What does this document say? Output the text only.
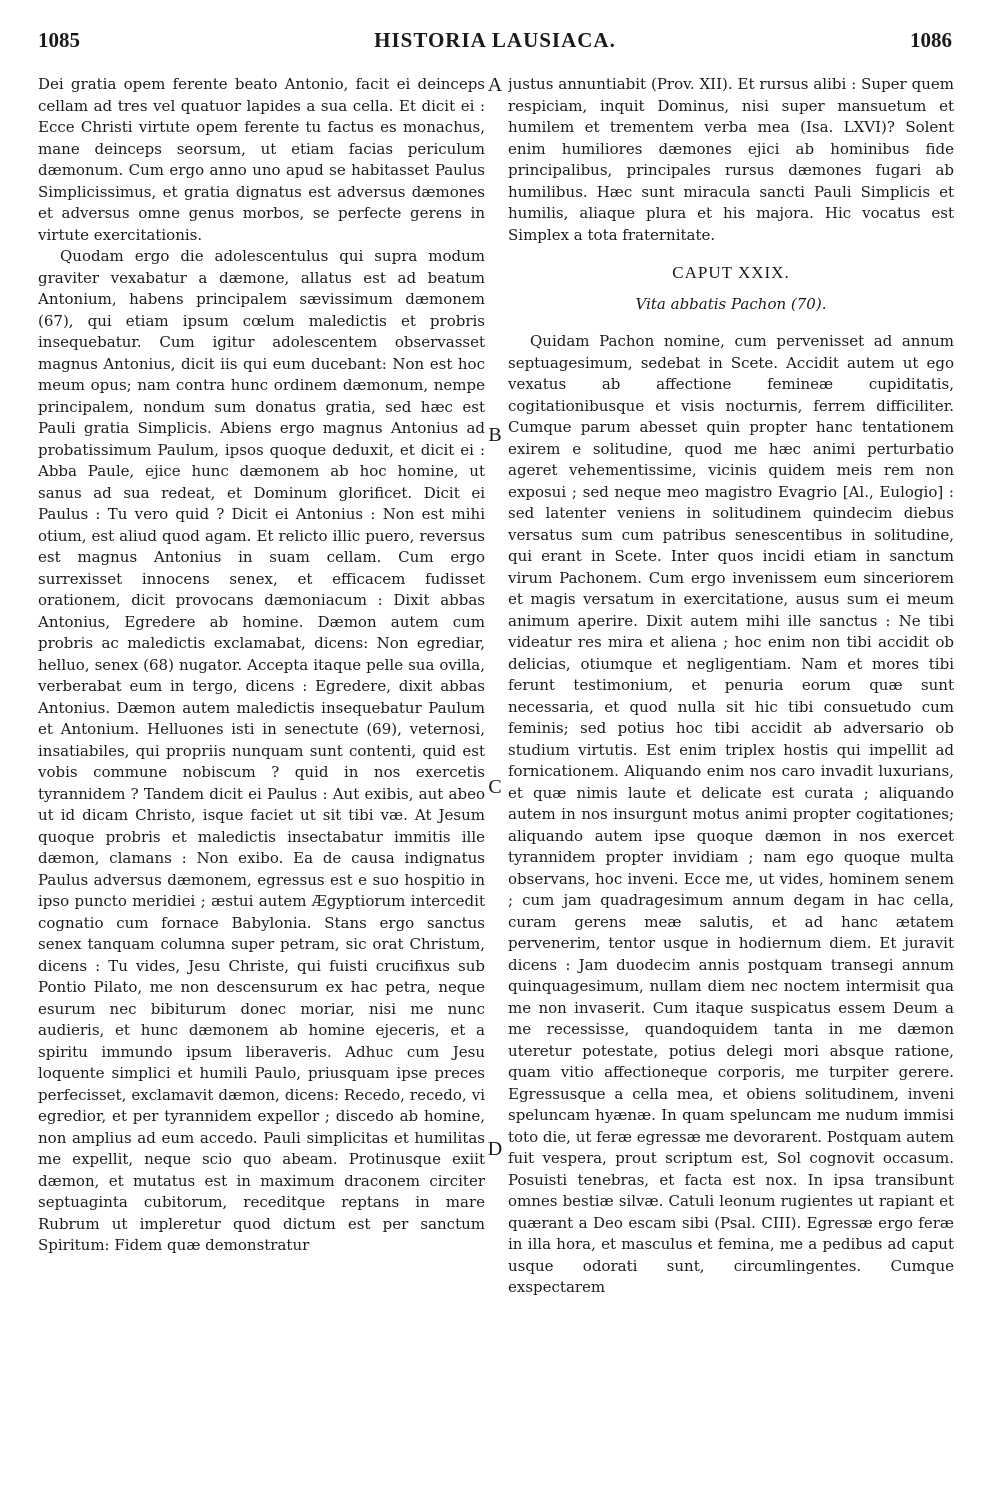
1085	HISTORIA LAUSIACA.	1086

Dei gratia opem ferente beato Antonio, facit ei deinceps cellam ad tres vel quatuor lapides a sua cella. Et dicit ei : Ecce Christi virtute opem ferente tu factus es monachus, mane deinceps seorsum, ut etiam facias periculum dæmonum. Cum ergo anno uno apud se habitasset Paulus Simplicissimus, et gratia dignatus est adversus dæmones et adversus omne genus morbos, se perfecte gerens in virtute exercitationis.

Quodam ergo die adolescentulus qui supra modum graviter vexabatur a dæmone, allatus est ad beatum Antonium, habens principalem sævissimum dæmonem (67), qui etiam ipsum cœlum maledictis et probris insequebatur. Cum igitur adolescentem observasset magnus Antonius, dicit iis qui eum ducebant: Non est hoc meum opus; nam contra hunc ordinem dæmonum, nempe principalem, nondum sum donatus gratia, sed hæc est Pauli gratia Simplicis. Abiens ergo magnus Antonius ad probatissimum Paulum, ipsos quoque deduxit, et dicit ei : Abba Paule, ejice hunc dæmonem ab hoc homine, ut sanus ad sua redeat, et Dominum glorificet. Dicit ei Paulus : Tu vero quid ? Dicit ei Antonius : Non est mihi otium, est aliud quod agam. Et relicto illic puero, reversus est magnus Antonius in suam cellam. Cum ergo surrexisset innocens senex, et efficacem fudisset orationem, dicit provocans dæmoniacum : Dixit abbas Antonius, Egredere ab homine. Dæmon autem cum probris ac maledictis exclamabat, dicens: Non egrediar, helluo, senex (68) nugator. Accepta itaque pelle sua ovilla, verberabat eum in tergo, dicens : Egredere, dixit abbas Antonius. Dæmon autem maledictis insequebatur Paulum et Antonium. Helluones isti in senectute (69), veternosi, insatiabiles, qui propriis nunquam sunt contenti, quid est vobis commune nobiscum ? quid in nos exercetis tyrannidem ? Tandem dicit ei Paulus : Aut exibis, aut abeo ut id dicam Christo, isque faciet ut sit tibi væ. At Jesum quoque probris et maledictis insectabatur immitis ille dæmon, clamans : Non exibo. Ea de causa indignatus Paulus adversus dæmonem, egressus est e suo hospitio in ipso puncto meridiei ; æstui autem Ægyptiorum intercedit cognatio cum fornace Babylonia. Stans ergo sanctus senex tanquam columna super petram, sic orat Christum, dicens : Tu vides, Jesu Christe, qui fuisti crucifixus sub Pontio Pilato, me non descensurum ex hac petra, neque esurum nec bibiturum donec moriar, nisi me nunc audieris, et hunc dæmonem ab homine ejeceris, et a spiritu immundo ipsum liberaveris. Adhuc cum Jesu loquente simplici et humili Paulo, priusquam ipse preces perfecisset, exclamavit dæmon, dicens: Recedo, recedo, vi egredior, et per tyrannidem expellor ; discedo ab homine, non amplius ad eum accedo. Pauli simplicitas et humilitas me expellit, neque scio quo abeam. Protinusque exiit dæmon, et mutatus est in maximum draconem circiter septuaginta cubitorum, receditque reptans in mare Rubrum ut impleretur quod dictum est per sanctum Spiritum: Fidem quæ demonstratur

A
B
C
D

justus annuntiabit (Prov. XII). Et rursus alibi : Super quem respiciam, inquit Dominus, nisi super mansuetum et humilem et trementem verba mea (Isa. LXVI)? Solent enim humiliores dæmones ejici ab hominibus fide principalibus, principales rursus dæmones fugari ab humilibus. Hæc sunt miracula sancti Pauli Simplicis et humilis, aliaque plura et his majora. Hic vocatus est Simplex a tota fraternitate.

CAPUT XXIX.
Vita abbatis Pachon (70).

Quidam Pachon nomine, cum pervenisset ad annum septuagesimum, sedebat in Scete. Accidit autem ut ego vexatus ab affectione femineæ cupiditatis, cogitationibusque et visis nocturnis, ferrem difficiliter. Cumque parum abesset quin propter hanc tentationem exirem e solitudine, quod me hæc animi perturbatio ageret vehementissime, vicinis quidem meis rem non exposui ; sed neque meo magistro Evagrio [Al., Eulogio] : sed latenter veniens in solitudinem quindecim diebus versatus sum cum patribus senescentibus in solitudine, qui erant in Scete. Inter quos incidi etiam in sanctum virum Pachonem. Cum ergo invenissem eum sinceriorem et magis versatum in exercitatione, ausus sum ei meum animum aperire. Dixit autem mihi ille sanctus : Ne tibi videatur res mira et aliena ; hoc enim non tibi accidit ob delicias, otiumque et negligentiam. Nam et mores tibi ferunt testimonium, et penuria eorum quæ sunt necessaria, et quod nulla sit hic tibi consuetudo cum feminis; sed potius hoc tibi accidit ab adversario ob studium virtutis. Est enim triplex hostis qui impellit ad fornicationem. Aliquando enim nos caro invadit luxurians, et quæ nimis laute et delicate est curata ; aliquando autem in nos insurgunt motus animi propter cogitationes; aliquando autem ipse quoque dæmon in nos exercet tyrannidem propter invidiam ; nam ego quoque multa observans, hoc inveni. Ecce me, ut vides, hominem senem ; cum jam quadragesimum annum degam in hac cella, curam gerens meæ salutis, et ad hanc ætatem pervenerim, tentor usque in hodiernum diem. Et juravit dicens : Jam duodecim annis postquam transegi annum quinquagesimum, nullam diem nec noctem intermisit qua me non invaserit. Cum itaque suspicatus essem Deum a me recessisse, quandoquidem tanta in me dæmon uteretur potestate, potius delegi mori absque ratione, quam vitio affectioneque corporis, me turpiter gerere. Egressusque a cella mea, et obiens solitudinem, inveni speluncam hyænæ. In quam speluncam me nudum immisi toto die, ut feræ egressæ me devorarent. Postquam autem fuit vespera, prout scriptum est, Sol cognovit occasum. Posuisti tenebras, et facta est nox. In ipsa transibunt omnes bestiæ silvæ. Catuli leonum rugientes ut rapiant et quærant a Deo escam sibi (Psal. CIII). Egressæ ergo feræ in illa hora, et masculus et femina, me a pedibus ad caput usque odorati sunt, circumlingentes. Cumque exspectarem
